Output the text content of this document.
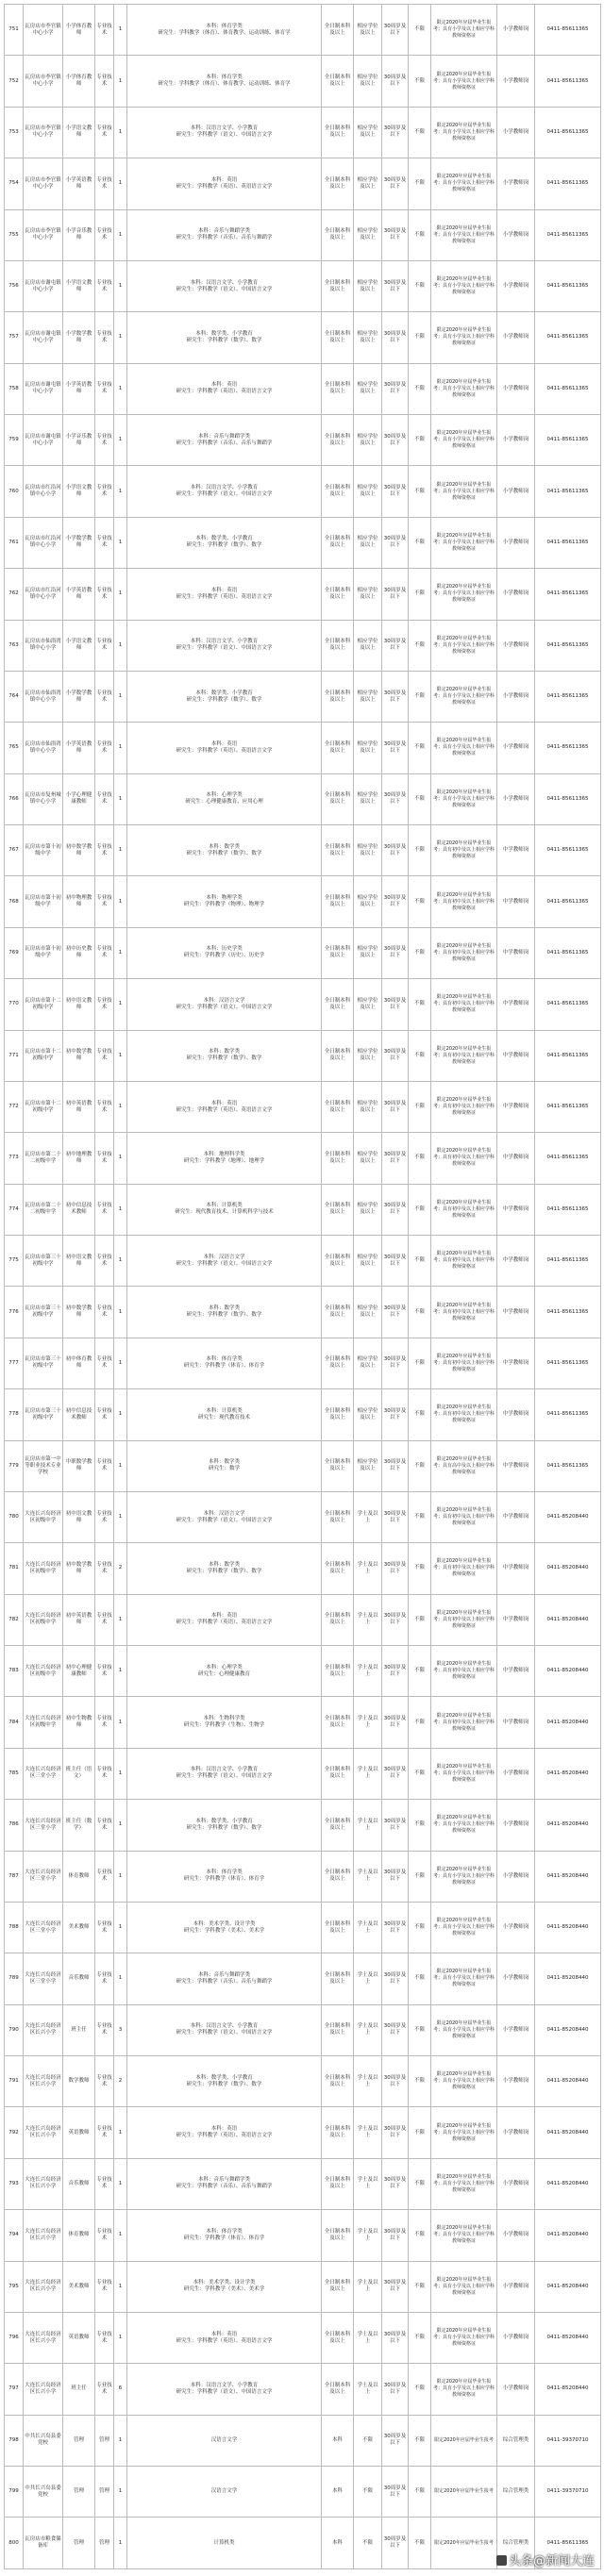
751	瓦房店市李官镇中心小学	小学体育教师	专业技术	1	本科：体育学类
研究生：学科教学（体育）、体育教学、运动训练、体育学	全日制本科及以上	相应学位及以上	30周岁及以下	不限	限定2020年应届毕业生报考；具有小学及以上相应学科教师资格证	小学教师岗	0411-85611365
752	瓦房店市李官镇中心小学	小学体育教师	专业技术	1	本科：体育学类
研究生：学科教学（体育）、体育教学、运动训练、体育学	全日制本科及以上	相应学位及以上	30周岁及以下	不限	限定2020年应届毕业生报考；具有小学及以上相应学科教师资格证	小学教师岗	0411-85611365
753	瓦房店市李官镇中心小学	小学语文教师	专业技术	1	本科：汉语言文学、小学教育
研究生：学科教学（语文）、中国语言文学	全日制本科及以上	相应学位及以上	30周岁及以下	不限	限定2020年应届毕业生报考；具有小学及以上相应学科教师资格证	小学教师岗	0411-85611365
754	瓦房店市李官镇中心小学	小学英语教师	专业技术	1	本科：英语
研究生：学科教学（英语）、英语语言文学	全日制本科及以上	相应学位及以上	30周岁及以下	不限	限定2020年应届毕业生报考；具有小学及以上相应学科教师资格证	小学教师岗	0411-85611365
755	瓦房店市李官镇中心小学	小学音乐教师	专业技术	1	本科：音乐与舞蹈学类
研究生：学科教学（音乐）、音乐与舞蹈学	全日制本科及以上	相应学位及以上	30周岁及以下	不限	限定2020年应届毕业生报考；具有小学及以上相应学科教师资格证	小学教师岗	0411-85611365
756	瓦房店市谢屯镇中心小学	小学语文教师	专业技术	1	本科：汉语言文学、小学教育
研究生：学科教学（语文）、中国语言文学	全日制本科及以上	相应学位及以上	30周岁及以下	不限	限定2020年应届毕业生报考；具有小学及以上相应学科教师资格证	小学教师岗	0411-85611365
757	瓦房店市谢屯镇中心小学	小学数学教师	专业技术	1	本科：数学类、小学教育
研究生：学科教学（数学）、数学	全日制本科及以上	相应学位及以上	30周岁及以下	不限	限定2020年应届毕业生报考；具有小学及以上相应学科教师资格证	小学教师岗	0411-85611365
758	瓦房店市谢屯镇中心小学	小学英语教师	专业技术	1	本科：英语
研究生：学科教学（英语）、英语语言文学	全日制本科及以上	相应学位及以上	30周岁及以下	不限	限定2020年应届毕业生报考；具有小学及以上相应学科教师资格证	小学教师岗	0411-85611365
759	瓦房店市谢屯镇中心小学	小学音乐教师	专业技术	1	本科：音乐与舞蹈学类
研究生：学科教学（音乐）、音乐与舞蹈学	全日制本科及以上	相应学位及以上	30周岁及以下	不限	限定2020年应届毕业生报考；具有小学及以上相应学科教师资格证	小学教师岗	0411-85611365
760	瓦房店市红沿河镇中心小学	小学语文教师	专业技术	1	本科：汉语言文学、小学教育
研究生：学科教学（语文）、中国语言文学	全日制本科及以上	相应学位及以上	30周岁及以下	不限	限定2020年应届毕业生报考；具有小学及以上相应学科教师资格证	小学教师岗	0411-85611365
761	瓦房店市红沿河镇中心小学	小学数学教师	专业技术	1	本科：数学类、小学教育
研究生：学科教学（数学）、数学	全日制本科及以上	相应学位及以上	30周岁及以下	不限	限定2020年应届毕业生报考；具有小学及以上相应学科教师资格证	小学教师岗	0411-85611365
762	瓦房店市红沿河镇中心小学	小学英语教师	专业技术	1	本科：英语
研究生：学科教学（英语）、英语语言文学	全日制本科及以上	相应学位及以上	30周岁及以下	不限	限定2020年应届毕业生报考；具有小学及以上相应学科教师资格证	小学教师岗	0411-85611365
763	瓦房店市仙浴湾镇中心小学	小学语文教师	专业技术	1	本科：汉语言文学、小学教育
研究生：学科教学（语文）、中国语言文学	全日制本科及以上	相应学位及以上	30周岁及以下	不限	限定2020年应届毕业生报考；具有小学及以上相应学科教师资格证	小学教师岗	0411-85611365
764	瓦房店市仙浴湾镇中心小学	小学数学教师	专业技术	1	本科：数学类、小学教育
研究生：学科教学（数学）、数学	全日制本科及以上	相应学位及以上	30周岁及以下	不限	限定2020年应届毕业生报考；具有小学及以上相应学科教师资格证	小学教师岗	0411-85611365
765	瓦房店市仙浴湾镇中心小学	小学英语教师	专业技术	1	本科：英语
研究生：学科教学（英语）、英语语言文学	全日制本科及以上	相应学位及以上	30周岁及以下	不限	限定2020年应届毕业生报考；具有小学及以上相应学科教师资格证	小学教师岗	0411-85611365
766	瓦房店市复州城镇中心小学	小学心理健康教师	专业技术	1	本科：心理学类
研究生：心理健康教育、应用心理	全日制本科及以上	相应学位及以上	30周岁及以下	不限	限定2020年应届毕业生报考；具有小学及以上相应学科教师资格证	小学教师岗	0411-85611365
767	瓦房店市第十初级中学	初中数学教师	专业技术	1	本科：数学类
研究生：学科教学（数学）、数学	全日制本科及以上	相应学位及以上	30周岁及以下	不限	限定2020年应届毕业生报考；具有初中及以上相应学科教师资格证	中学教师岗	0411-85611365
768	瓦房店市第十初级中学	初中物理教师	专业技术	1	本科：物理学类
研究生：学科教学（物理）、物理学	全日制本科及以上	相应学位及以上	30周岁及以下	不限	限定2020年应届毕业生报考；具有初中及以上相应学科教师资格证	中学教师岗	0411-85611365
769	瓦房店市第十初级中学	初中历史教师	专业技术	1	本科：历史学类
研究生：学科教学（历史）、历史学	全日制本科及以上	相应学位及以上	30周岁及以下	不限	限定2020年应届毕业生报考；具有初中及以上相应学科教师资格证	中学教师岗	0411-85611365
770	瓦房店市第十二初级中学	初中语文教师	专业技术	1	本科：汉语言文学
研究生：学科教学（语文）、中国语言文学	全日制本科及以上	相应学位及以上	30周岁及以下	不限	限定2020年应届毕业生报考；具有初中及以上相应学科教师资格证	中学教师岗	0411-85611365
771	瓦房店市第十二初级中学	初中数学教师	专业技术	1	本科：数学类
研究生：学科教学（数学）、数学	全日制本科及以上	相应学位及以上	30周岁及以下	不限	限定2020年应届毕业生报考；具有初中及以上相应学科教师资格证	中学教师岗	0411-85611365
772	瓦房店市第十二初级中学	初中英语教师	专业技术	1	本科：英语
研究生：学科教学（英语）、英语语言文学	全日制本科及以上	相应学位及以上	30周岁及以下	不限	限定2020年应届毕业生报考；具有初中及以上相应学科教师资格证	中学教师岗	0411-85611365
773	瓦房店市第二十二初级中学	初中地理教师	专业技术	1	本科：地理科学类
研究生：学科教学（地理）、地理学	全日制本科及以上	相应学位及以上	30周岁及以下	不限	限定2020年应届毕业生报考；具有初中及以上相应学科教师资格证	中学教师岗	0411-85611365
774	瓦房店市第二十二初级中学	初中信息技术教师	专业技术	1	本科：计算机类
研究生：现代教育技术、计算机科学与技术	全日制本科及以上	相应学位及以上	30周岁及以下	不限	限定2020年应届毕业生报考；具有初中及以上相应学科教师资格证	中学教师岗	0411-85611365
775	瓦房店市第三十初级中学	初中语文教师	专业技术	1	本科：汉语言文学
研究生：学科教学（语文）、中国语言文学	全日制本科及以上	相应学位及以上	30周岁及以下	不限	限定2020年应届毕业生报考；具有初中及以上相应学科教师资格证	中学教师岗	0411-85611365
776	瓦房店市第三十初级中学	初中数学教师	专业技术	1	本科：数学类
研究生：学科教学（数学）、数学	全日制本科及以上	相应学位及以上	30周岁及以下	不限	限定2020年应届毕业生报考；具有初中及以上相应学科教师资格证	中学教师岗	0411-85611365
777	瓦房店市第三十初级中学	初中体育教师	专业技术	1	本科：体育学类
研究生：学科教学（体育）、体育学	全日制本科及以上	相应学位及以上	30周岁及以下	不限	限定2020年应届毕业生报考；具有初中及以上相应学科教师资格证	中学教师岗	0411-85611365
778	瓦房店市第三十初级中学	初中信息技术教师	专业技术	1	本科：计算机类
研究生：现代教育技术	全日制本科及以上	相应学位及以上	30周岁及以下	不限	限定2020年应届毕业生报考；具有初中及以上相应学科教师资格证	中学教师岗	0411-85611365
779	瓦房店市第一中等职业技术专业学校	中职数学教师	专业技术	1	本科：数学类
研究生：数学	全日制本科及以上	相应学位及以上	30周岁及以下	不限	限定2020年应届毕业生报考；具有高中及以上相应学科教师资格证	中学教师岗	0411-85611365
780	大连长兴岛经济区初级中学	初中语文教师	专业技术	1	本科：汉语言文学
研究生：学科教学（语文）、中国语言文学	全日制本科及以上	学士及以上	30周岁及以下	不限	限定2020年应届毕业生报考；具有初中及以上相应学科教师资格证	中学教师岗	0411-85208440
781	大连长兴岛经济区初级中学	初中数学教师	专业技术	2	本科：数学类
研究生：学科教学（数学）、数学	全日制本科及以上	学士及以上	30周岁及以下	不限	限定2020年应届毕业生报考；具有初中及以上相应学科教师资格证	中学教师岗	0411-85208440
782	大连长兴岛经济区初级中学	初中英语教师	专业技术	1	本科：英语
研究生：学科教学（英语）、英语语言文学	全日制本科及以上	学士及以上	30周岁及以下	不限	限定2020年应届毕业生报考；具有初中及以上相应学科教师资格证	中学教师岗	0411-85208440
783	大连长兴岛经济区初级中学	初中心理健康教师	专业技术	1	本科：心理学类
研究生：心理健康教育	全日制本科及以上	学士及以上	30周岁及以下	不限	限定2020年应届毕业生报考；具有初中及以上相应学科教师资格证	中学教师岗	0411-85208440
784	大连长兴岛经济区初级中学	初中生物教师	专业技术	1	本科：生物科学类
研究生：学科教学（生物）、生物学	全日制本科及以上	学士及以上	30周岁及以下	不限	限定2020年应届毕业生报考；具有初中及以上相应学科教师资格证	中学教师岗	0411-85208440
785	大连长兴岛经济区三堂小学	班主任（语文）	专业技术	1	本科：汉语言文学、小学教育
研究生：学科教学（语文）、中国语言文学	全日制本科及以上	学士及以上	30周岁及以下	不限	限定2020年应届毕业生报考；具有小学及以上相应学科教师资格证	小学教师岗	0411-85208440
786	大连长兴岛经济区三堂小学	班主任（数学）	专业技术	1	本科：数学类、小学教育
研究生：学科教学（数学）、数学	全日制本科及以上	学士及以上	30周岁及以下	不限	限定2020年应届毕业生报考；具有小学及以上相应学科教师资格证	小学教师岗	0411-85208440
787	大连长兴岛经济区三堂小学	体育教师	专业技术	1	本科：体育学类
研究生：学科教学（体育）、体育学	全日制本科及以上	学士及以上	30周岁及以下	不限	限定2020年应届毕业生报考；具有小学及以上相应学科教师资格证	小学教师岗	0411-85208440
788	大连长兴岛经济区三堂小学	美术教师	专业技术	1	本科：美术学类、设计学类
研究生：学科教学（美术）、美术学	全日制本科及以上	学士及以上	30周岁及以下	不限	限定2020年应届毕业生报考；具有小学及以上相应学科教师资格证	小学教师岗	0411-85208440
789	大连长兴岛经济区三堂小学	音乐教师	专业技术	1	本科：音乐与舞蹈学类
研究生：学科教学（音乐）、音乐与舞蹈学	全日制本科及以上	学士及以上	30周岁及以下	不限	限定2020年应届毕业生报考；具有小学及以上相应学科教师资格证	小学教师岗	0411-85208440
790	大连长兴岛经济区长兴小学	班主任	专业技术	3	本科：汉语言文学、小学教育
研究生：学科教学（语文）、中国语言文学	全日制本科及以上	学士及以上	30周岁及以下	不限	限定2020年应届毕业生报考；具有小学及以上相应学科教师资格证	小学教师岗	0411-85208440
791	大连长兴岛经济区长兴小学	数学教师	专业技术	2	本科：数学类、小学教育
研究生：学科教学（数学）、数学	全日制本科及以上	学士及以上	30周岁及以下	不限	限定2020年应届毕业生报考；具有小学及以上相应学科教师资格证	小学教师岗	0411-85208440
792	大连长兴岛经济区长兴小学	英语教师	专业技术	1	本科：英语
研究生：学科教学（英语）、英语语言文学	全日制本科及以上	学士及以上	30周岁及以下	不限	限定2020年应届毕业生报考；具有小学及以上相应学科教师资格证	小学教师岗	0411-85208440
793	大连长兴岛经济区长兴小学	音乐教师	专业技术	1	本科：音乐与舞蹈学类
研究生：学科教学（音乐）、音乐与舞蹈学	全日制本科及以上	学士及以上	30周岁及以下	不限	限定2020年应届毕业生报考；具有小学及以上相应学科教师资格证	小学教师岗	0411-85208440
794	大连长兴岛经济区长兴小学	体育教师	专业技术	1	本科：体育学类
研究生：学科教学（体育）、体育学	全日制本科及以上	学士及以上	30周岁及以下	不限	限定2020年应届毕业生报考；具有小学及以上相应学科教师资格证	小学教师岗	0411-85208440
795	大连长兴岛经济区长兴小学	美术教师	专业技术	1	本科：美术学类、设计学类
研究生：学科教学（美术）、美术学	全日制本科及以上	学士及以上	30周岁及以下	不限	限定2020年应届毕业生报考；具有小学及以上相应学科教师资格证	小学教师岗	0411-85208440
796	大连长兴岛经济区长兴小学	英语教师	专业技术	1	本科：英语
研究生：学科教学（英语）、英语语言文学	全日制本科及以上	学士及以上	30周岁及以下	不限	限定2020年应届毕业生报考；具有小学及以上相应学科教师资格证	小学教师岗	0411-85208440
797	大连长兴岛经济区长兴小学	班主任	专业技术	6	本科：汉语言文学、小学教育
研究生：学科教学（语文）、中国语言文学	全日制本科及以上	学士及以上	30周岁及以下	不限	限定2020年应届毕业生报考；具有小学及以上相应学科教师资格证	小学教师岗	0411-85208440
798	中共长兴岛县委党校	管理	管理	1	汉语言文学	本科	不限	30周岁及以下	不限	限定2020年应届毕业生报考	综合管理类	0411-39370710
799	中共长兴岛县委党校	管理	管理	1	汉语言文学	本科	不限	30周岁及以下	不限	限定2020年应届毕业生报考	综合管理类	0411-39370710
800	瓦房店市粮食储备库	管理	管理	1	计算机类	本科	不限	30周岁及以下	不限	限定2020年应届毕业生报考	综合管理类	0411-85611365
头条@新闻大连
